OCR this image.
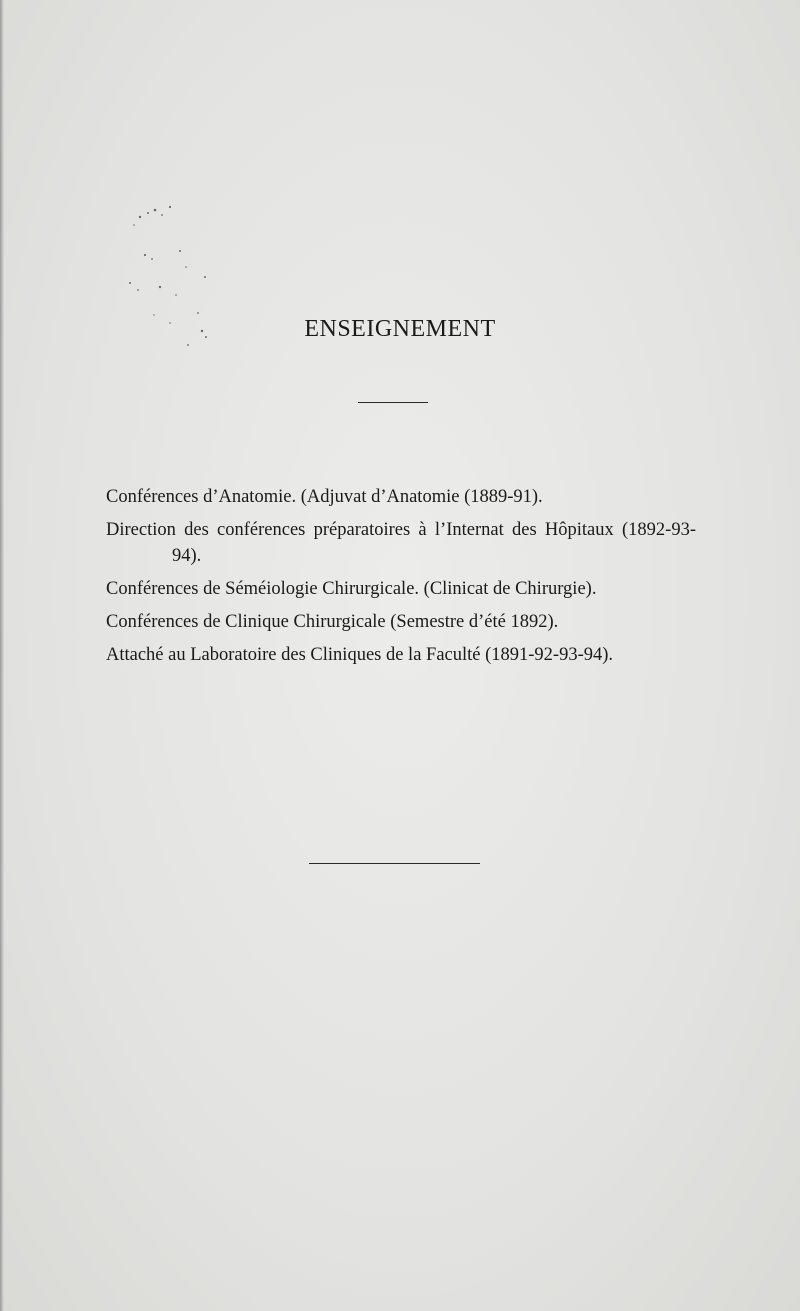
ENSEIGNEMENT
Conférences d’Anatomie. (Adjuvat d’Anatomie (1889-91).
Direction des conférences préparatoires à l’Internat des Hôpitaux (1892-93-94).
Conférences de Séméiologie Chirurgicale. (Clinicat de Chirurgie).
Conférences de Clinique Chirurgicale (Semestre d’été 1892).
Attaché au Laboratoire des Cliniques de la Faculté (1891-92-93-94).
